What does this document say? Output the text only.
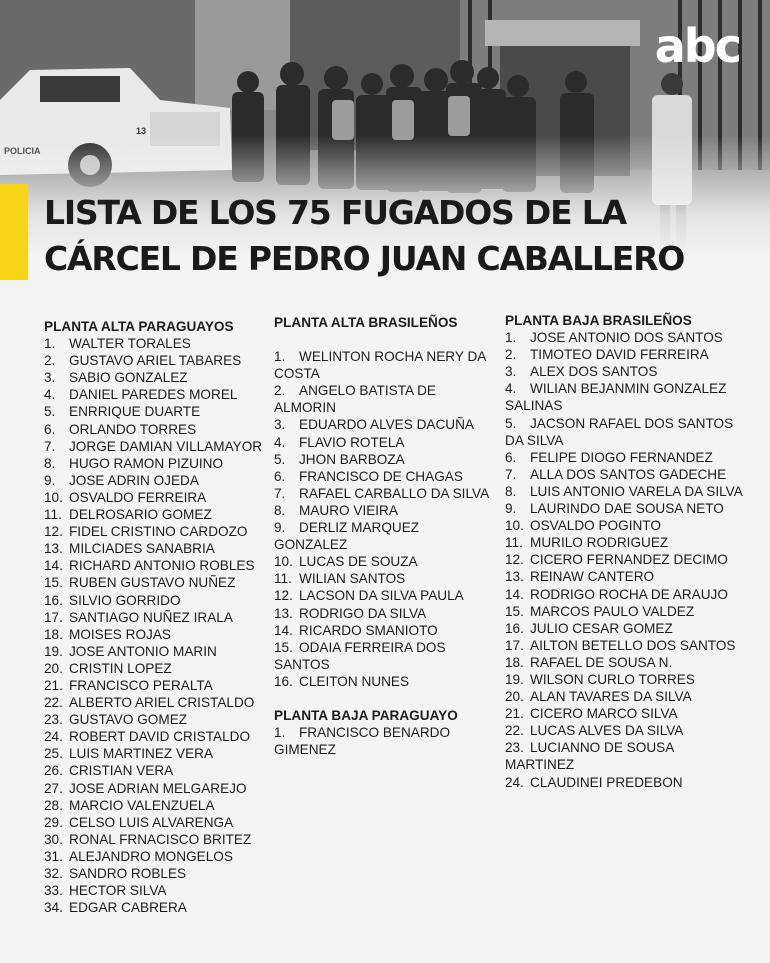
abc
LISTA DE LOS 75 FUGADOS DE LA
CÁRCEL DE PEDRO JUAN CABALLERO
PLANTA ALTA PARAGUAYOS
1. WALTER TORALES
2. GUSTAVO ARIEL TABARES
3. SABIO GONZALEZ
4. DANIEL PAREDES MOREL
5. ENRRIQUE DUARTE
6. ORLANDO TORRES
7. JORGE DAMIAN VILLAMAYOR
8. HUGO RAMON PIZUINO
9. JOSE ADRIN OJEDA
10. OSVALDO FERREIRA
11. DELROSARIO GOMEZ
12. FIDEL CRISTINO CARDOZO
13. MILCIADES SANABRIA
14. RICHARD ANTONIO ROBLES
15. RUBEN GUSTAVO NUÑEZ
16. SILVIO GORRIDO
17. SANTIAGO NUÑEZ IRALA
18. MOISES ROJAS
19. JOSE ANTONIO MARIN
20. CRISTIN LOPEZ
21. FRANCISCO PERALTA
22. ALBERTO ARIEL CRISTALDO
23. GUSTAVO GOMEZ
24. ROBERT DAVID CRISTALDO
25. LUIS MARTINEZ VERA
26. CRISTIAN VERA
27. JOSE ADRIAN MELGAREJO
28. MARCIO VALENZUELA
29. CELSO LUIS ALVARENGA
30. RONAL FRNACISCO BRITEZ
31. ALEJANDRO MONGELOS
32. SANDRO ROBLES
33. HECTOR SILVA
34. EDGAR CABRERA
PLANTA ALTA BRASILEÑOS
1. WELINTON ROCHA NERY DA COSTA
2. ANGELO BATISTA DE ALMORIN
3. EDUARDO ALVES DACUÑA
4. FLAVIO ROTELA
5. JHON BARBOZA
6. FRANCISCO DE CHAGAS
7. RAFAEL CARBALLO DA SILVA
8. MAURO VIEIRA
9. DERLIZ MARQUEZ GONZALEZ
10. LUCAS DE SOUZA
11. WILIAN SANTOS
12. LACSON DA SILVA PAULA
13. RODRIGO DA SILVA
14. RICARDO SMANIOTO
15. ODAIA FERREIRA DOS SANTOS
16. CLEITON NUNES
PLANTA BAJA PARAGUAYO
1. FRANCISCO BENARDO GIMENEZ
PLANTA BAJA BRASILEÑOS
1. JOSE ANTONIO DOS SANTOS
2. TIMOTEO DAVID FERREIRA
3. ALEX DOS SANTOS
4. WILIAN BEJANMIN GONZALEZ SALINAS
5. JACSON RAFAEL DOS SANTOS DA SILVA
6. FELIPE DIOGO FERNANDEZ
7. ALLA DOS SANTOS GADECHE
8. LUIS ANTONIO VARELA DA SILVA
9. LAURINDO DAE SOUSA NETO
10. OSVALDO POGINTO
11. MURILO RODRIGUEZ
12. CICERO FERNANDEZ DECIMO
13. REINAW CANTERO
14. RODRIGO ROCHA DE ARAUJO
15. MARCOS PAULO VALDEZ
16. JULIO CESAR GOMEZ
17. AILTON BETELLO DOS SANTOS
18. RAFAEL DE SOUSA N.
19. WILSON CURLO TORRES
20. ALAN TAVARES DA SILVA
21. CICERO MARCO SILVA
22. LUCAS ALVES DA SILVA
23. LUCIANNO DE SOUSA MARTINEZ
24. CLAUDINEI PREDEBON
